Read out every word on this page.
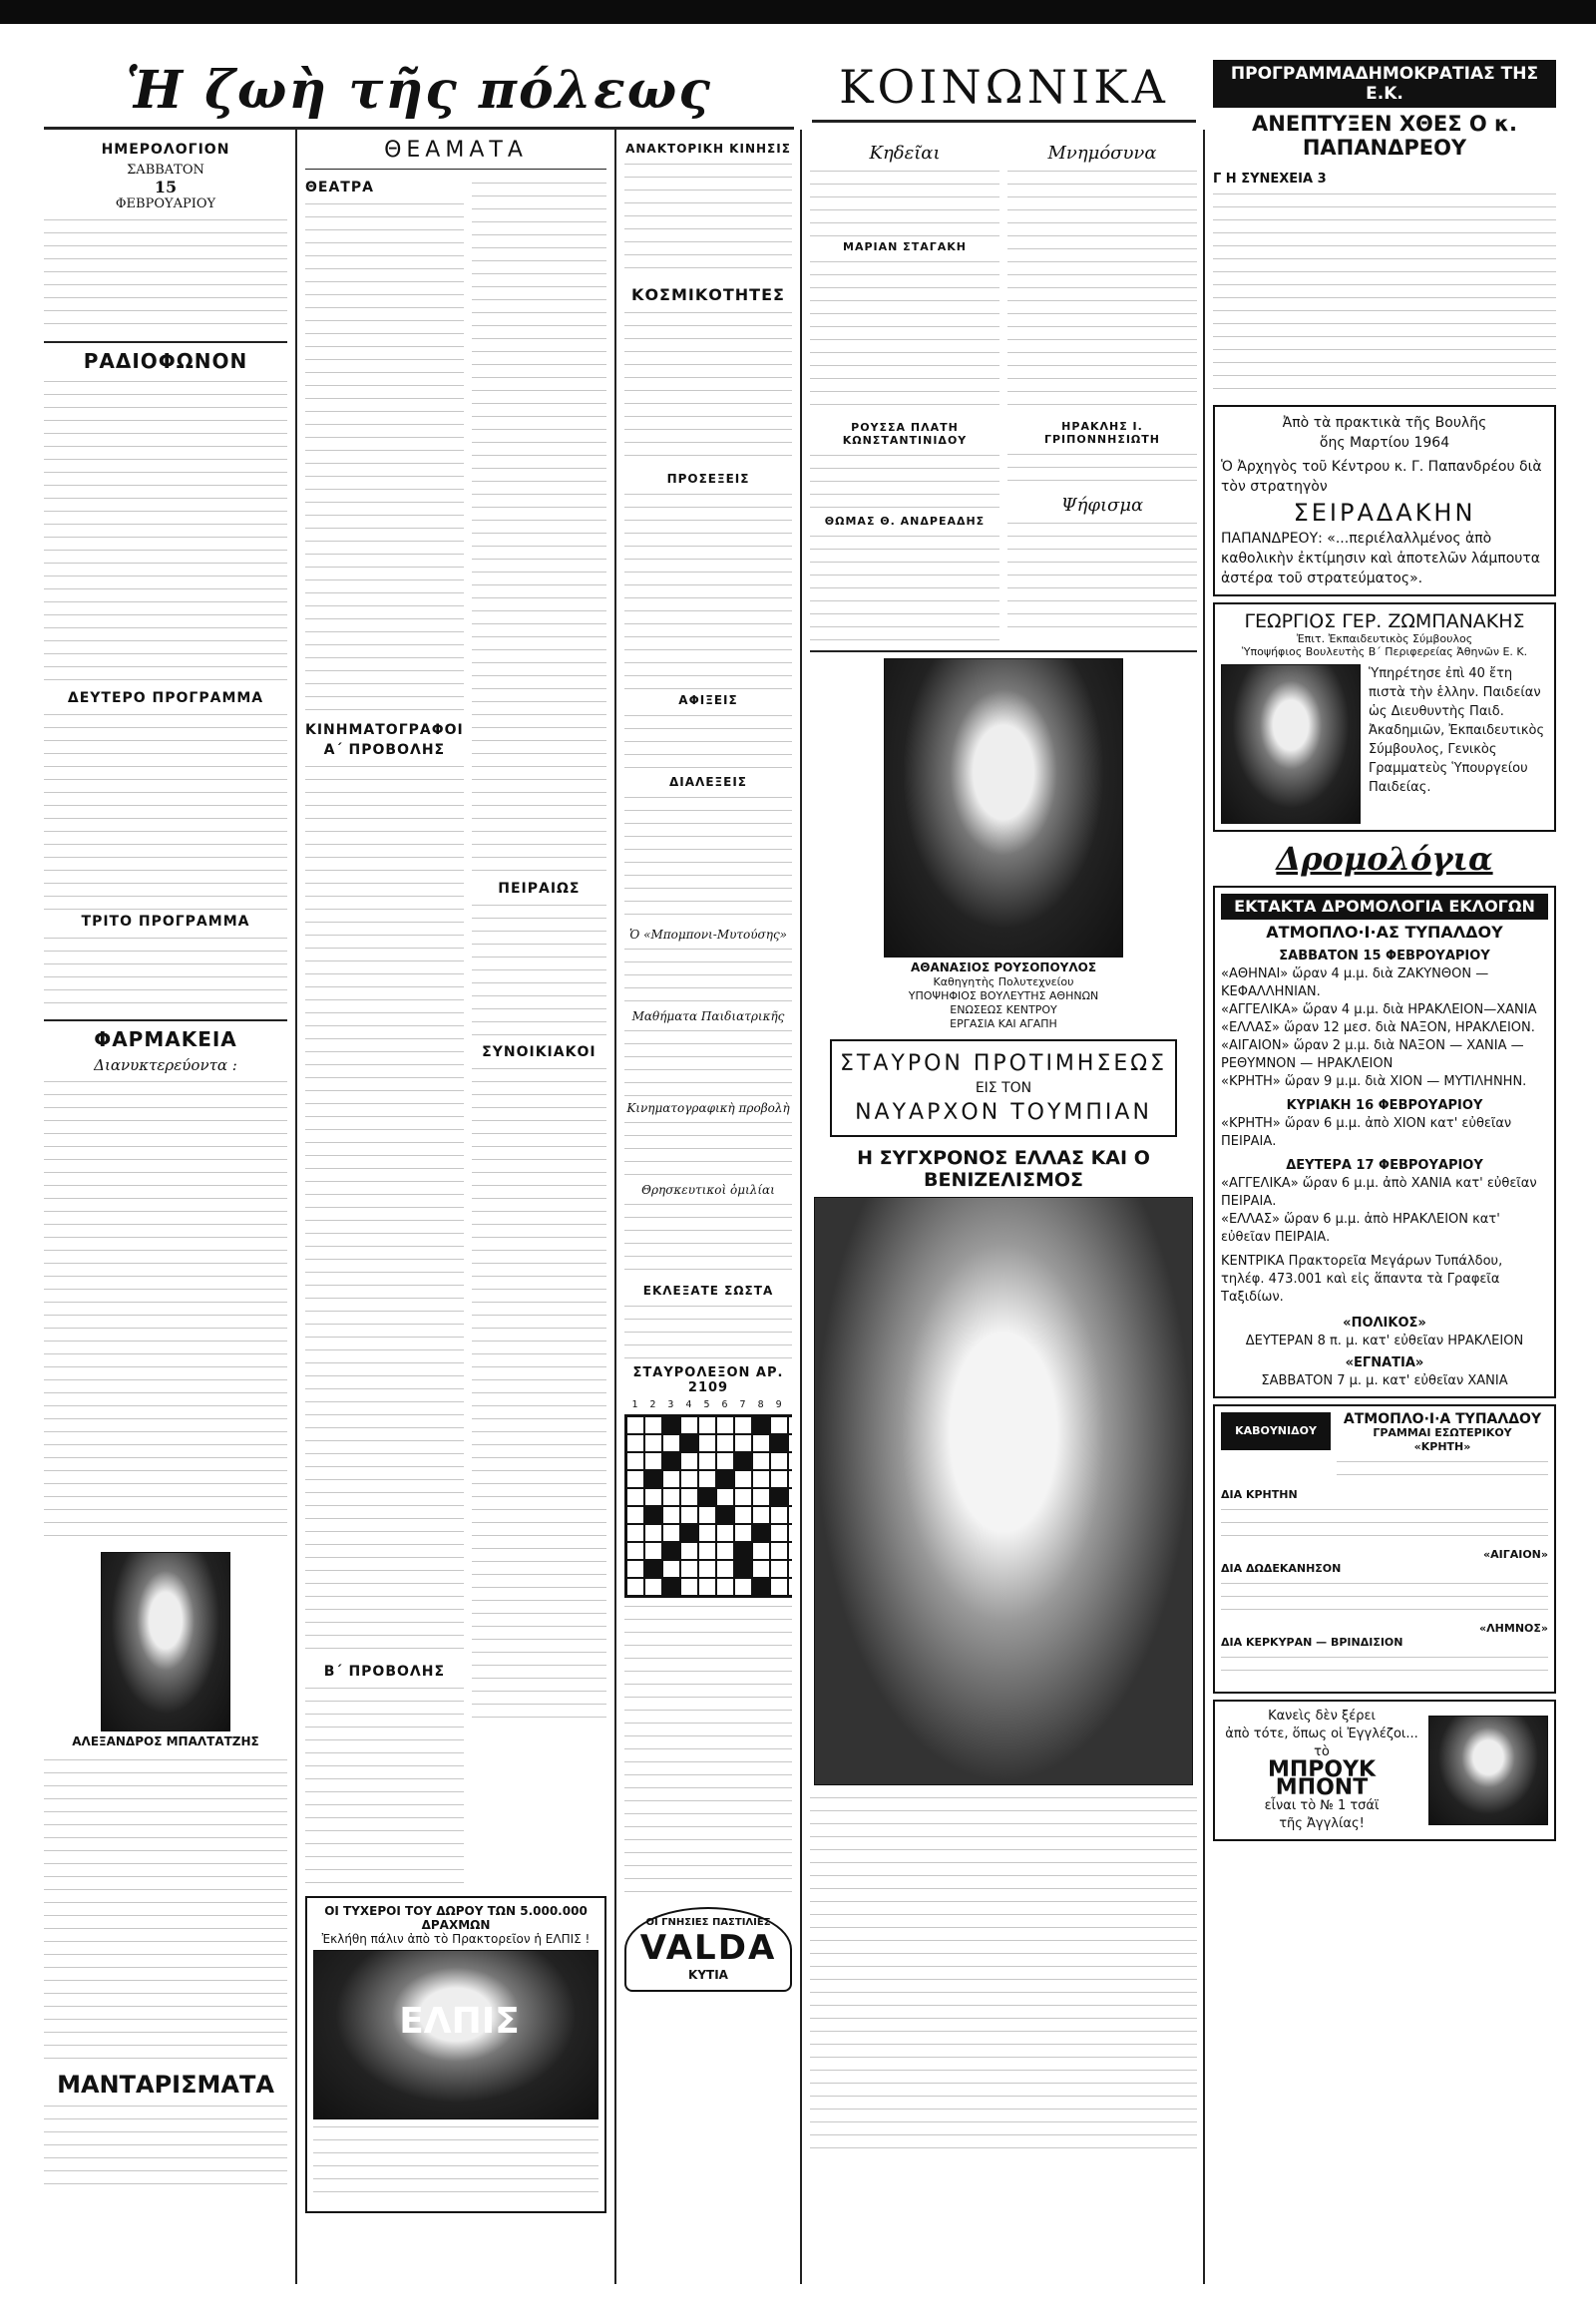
Ἡ ζωὴ τῆς πόλεως	ΚΟΙΝΩΝΙΚΑ	ΠΡΟΓΡΑΜΜΑΔΗΜΟΚΡΑΤΙΑΣ ΤΗΣ Ε.Κ.
ΑΝΕΠΤΥΞΕΝ ΧΘΕΣ Ο κ. ΠΑΠΑΝΔΡΕΟΥ
ΗΜΕΡΟΛΟΓΙΟΝ
ΣΑΒΒΑΤΟΝ
15
ΦΕΒΡΟΥΑΡΙΟΥ
ΡΑΔΙΟΦΩΝΟΝ
ΔΕΥΤΕΡΟ ΠΡΟΓΡΑΜΜΑ
ΤΡΙΤΟ ΠΡΟΓΡΑΜΜΑ
ΦΑΡΜΑΚΕΙΑ
Διανυκτερεύοντα :
ΑΛΕΞΑΝΔΡΟΣ ΜΠΑΛΤΑΤΖΗΣ
ΜΑΝΤΑΡΙΣΜΑΤΑ
ΘΕΑΜΑΤΑ
ΘΕΑΤΡΑ
ΚΙΝΗΜΑΤΟΓΡΑΦΟΙ
Α΄ ΠΡΟΒΟΛΗΣ
Β΄ ΠΡΟΒΟΛΗΣ
ΠΕΙΡΑΙΩΣ
ΣΥΝΟΙΚΙΑΚΟΙ
ΟΙ ΤΥΧΕΡΟΙ ΤΟΥ ΔΩΡΟΥ ΤΩΝ 5.000.000 ΔΡΑΧΜΩΝ
Ἐκλήθη πάλιν ἀπὸ τὸ Πρακτορεῖον ἡ ΕΛΠΙΣ !
ΕΛΠΙΣ
ΑΝΑΚΤΟΡΙΚΗ ΚΙΝΗΣΙΣ
ΚΟΣΜΙΚΟΤΗΤΕΣ
ΠΡΟΣΕΞΕΙΣ
ΑΦΙΞΕΙΣ
ΔΙΑΛΕΞΕΙΣ
Ὁ «Μπομπονι-Μυτούσης»
Μαθήματα Παιδιατρικῆς
Κινηματογραφικὴ προβολὴ
Θρησκευτικοὶ ὁμιλίαι
ΕΚΛΕΞΑΤΕ ΣΩΣΤΑ
ΣΤΑΥΡΟΛΕΞΟΝ ΑΡ. 2109
1 2 3 4 5 6 7 8 9
ΟΙ ΓΝΗΣΙΕΣ ΠΑΣΤΙΛΙΕΣ
VALDA
ΚΥΤΙΑ
Κηδεῖαι
ΜΑΡΙΑΝ ΣΤΑΓΑΚΗ
ΡΟΥΣΣΑ ΠΛΑΤΗ ΚΩΝΣΤΑΝΤΙΝΙΔΟΥ
ΘΩΜΑΣ Θ. ΑΝΔΡΕΑΔΗΣ
Μνημόσυνα
ΗΡΑΚΛΗΣ Ι. ΓΡΙΠΟΝΝΗΣΙΩΤΗ
Ψήφισμα
ΑΘΑΝΑΣΙΟΣ ΡΟΥΣΟΠΟΥΛΟΣ
Καθηγητὴς Πολυτεχνείου
ΥΠΟΨΗΦΙΟΣ ΒΟΥΛΕΥΤΗΣ ΑΘΗΝΩΝ
ΕΝΩΣΕΩΣ ΚΕΝΤΡΟΥ
ΕΡΓΑΣΙΑ ΚΑΙ ΑΓΑΠΗ
ΣΤΑΥΡΟΝ ΠΡΟΤΙΜΗΣΕΩΣ
ΕΙΣ ΤΟΝ
ΝΑΥΑΡΧΟΝ ΤΟΥΜΠΙΑΝ
Η ΣΥΓΧΡΟΝΟΣ ΕΛΛΑΣ ΚΑΙ Ο ΒΕΝΙΖΕΛΙΣΜΟΣ
Γ Η ΣΥΝΕΧΕΙΑ 3
Ἀπὸ τὰ πρακτικὰ τῆς Βουλῆς
ὅης Μαρτίου 1964
Ὁ Ἀρχηγὸς τοῦ Κέντρου κ. Γ. Παπανδρέου διὰ τὸν στρατηγὸν
ΣΕΙΡΑΔΑΚΗΝ
ΠΑΠΑΝΔΡΕΟΥ: «...περιέλαλλμένος ἀπὸ καθολικὴν ἐκτίμησιν καὶ ἀποτελῶν λάμπουτα ἀστέρα τοῦ στρατεύματος».
ΓΕΩΡΓΙΟΣ ΓΕΡ. ΖΩΜΠΑΝΑΚΗΣ
Ἐπιτ. Ἐκπαιδευτικὸς Σύμβουλος
Ὑποψήφιος Βουλευτὴς Β΄ Περιφερείας Ἀθηνῶν Ε. Κ.
Ὑπηρέτησε ἐπὶ 40 ἔτη πιστὰ τὴν ἑλλην. Παιδείαν ὡς Διευθυντὴς Παιδ. Ἀκαδημιῶν, Ἐκπαιδευτικὸς Σύμβουλος, Γενικὸς Γραμματεὺς Ὑπουργείου Παιδείας.
Δρομολόγια
ΕΚΤΑΚΤΑ ΔΡΟΜΟΛΟΓΙΑ ΕΚΛΟΓΩΝ
ΑΤΜΟΠΛΟ·Ι·ΑΣ ΤΥΠΑΛΔΟΥ
ΣΑΒΒΑΤΟΝ 15 ΦΕΒΡΟΥΑΡΙΟΥ
«ΑΘΗΝΑΙ» ὥραν 4 μ.μ. διὰ ΖΑΚΥΝΘΟΝ — ΚΕΦΑΛΛΗΝΙΑΝ.
«ΑΓΓΕΛΙΚΑ» ὥραν 4 μ.μ. διὰ ΗΡΑΚΛΕΙΟΝ—ΧΑΝΙΑ
«ΕΛΛΑΣ» ὥραν 12 μεσ. διὰ ΝΑΞΟΝ, ΗΡΑΚΛΕΙΟΝ.
«ΑΙΓΑΙΟΝ» ὥραν 2 μ.μ. διὰ ΝΑΞΟΝ — ΧΑΝΙΑ — ΡΕΘΥΜΝΟΝ — ΗΡΑΚΛΕΙΟΝ
«ΚΡΗΤΗ» ὥραν 9 μ.μ. διὰ ΧΙΟΝ — ΜΥΤΙΛΗΝΗΝ.
ΚΥΡΙΑΚΗ 16 ΦΕΒΡΟΥΑΡΙΟΥ
«ΚΡΗΤΗ» ὥραν 6 μ.μ. ἀπὸ ΧΙΟΝ κατ' εὐθεῖαν ΠΕΙΡΑΙΑ.
ΔΕΥΤΕΡΑ 17 ΦΕΒΡΟΥΑΡΙΟΥ
«ΑΓΓΕΛΙΚΑ» ὥραν 6 μ.μ. ἀπὸ ΧΑΝΙΑ κατ' εὐθεῖαν ΠΕΙΡΑΙΑ.
«ΕΛΛΑΣ» ὥραν 6 μ.μ. ἀπὸ ΗΡΑΚΛΕΙΟΝ κατ' εὐθεῖαν ΠΕΙΡΑΙΑ.
ΚΕΝΤΡΙΚΑ Πρακτορεῖα Μεγάρων Τυπάλδου, τηλέφ. 473.001 καὶ εἰς ἅπαντα τὰ Γραφεῖα Ταξιδίων.
«ΠΟΛΙΚΟΣ»
ΔΕΥΤΕΡΑΝ 8 π. μ. κατ' εὐθεῖαν ΗΡΑΚΛΕΙΟΝ
«ΕΓΝΑΤΙΑ»
ΣΑΒΒΑΤΟΝ 7 μ. μ. κατ' εὐθεῖαν ΧΑΝΙΑ
ΚΑΒΟΥΝΙΔΟΥ
ΑΤΜΟΠΛΟ·Ι·Α ΤΥΠΑΛΔΟΥ
ΓΡΑΜΜΑΙ ΕΣΩΤΕΡΙΚΟΥ
«ΚΡΗΤΗ»
ΔΙΑ ΚΡΗΤΗΝ
«ΑΙΓΑΙΟΝ»
ΔΙΑ ΔΩΔΕΚΑΝΗΣΟΝ
«ΛΗΜΝΟΣ»
ΔΙΑ ΚΕΡΚΥΡΑΝ — ΒΡΙΝΔΙΣΙΟΝ
Κανεὶς δὲν ξέρει
ἀπὸ τότε, ὅπως οἱ Ἐγγλέζοι...
τὸ
ΜΠΡΟΥΚ ΜΠΟΝΤ
εἶναι τὸ № 1 τσάϊ
τῆς Ἀγγλίας!
